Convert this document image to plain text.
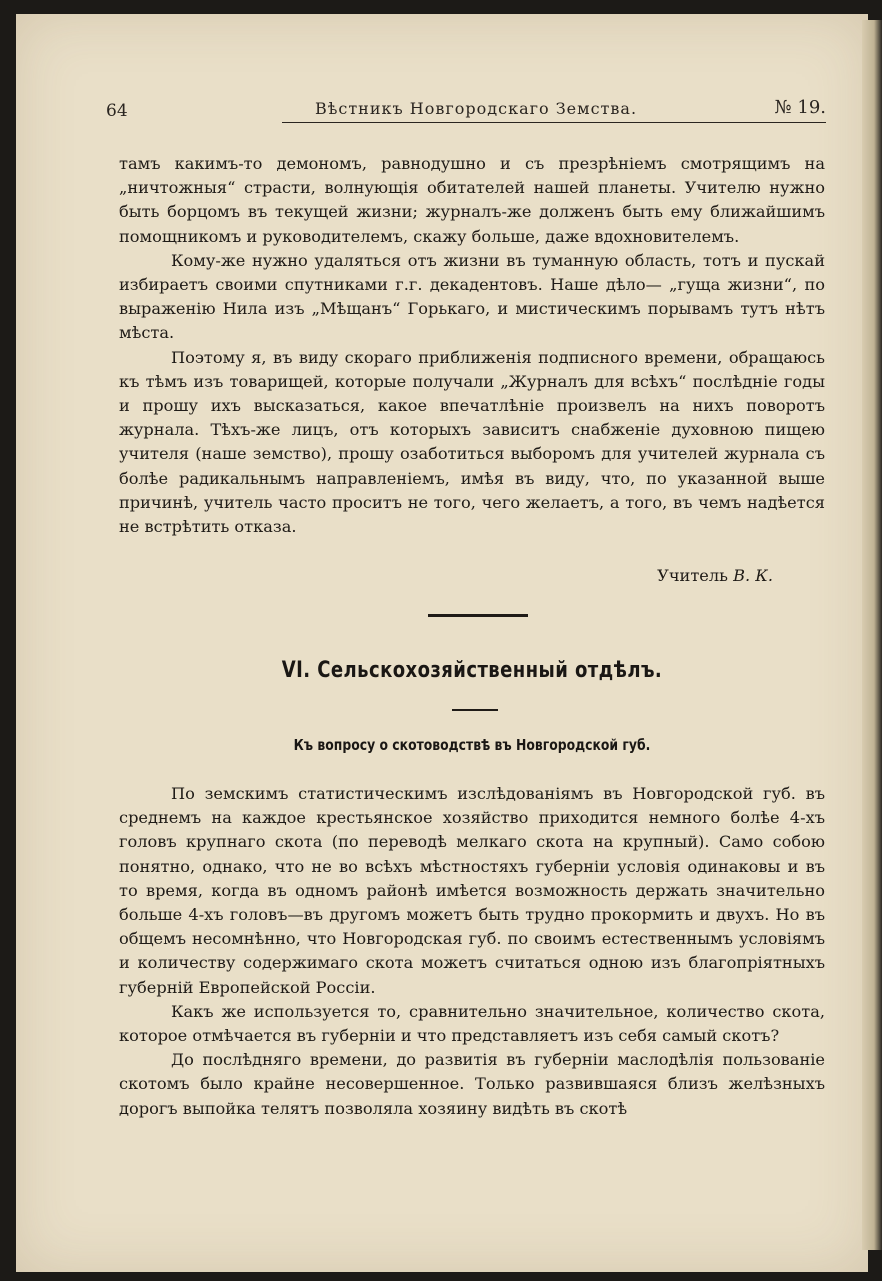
64	Вѣстникъ Новгородскаго Земства.	№ 19.

тамъ какимъ-то демономъ, равнодушно и съ презрѣніемъ смотрящимъ на „ничтожныя“ страсти, волнующія обитателей нашей планеты. Учителю нужно быть борцомъ въ текущей жизни; журналъ-же долженъ быть ему ближайшимъ помощникомъ и руководителемъ, скажу больше, даже вдохновителемъ.

Кому-же нужно удаляться отъ жизни въ туманную область, тотъ и пускай избираетъ своими спутниками г.г. декадентовъ. Наше дѣло— „гуща жизни“, по выраженію Нила изъ „Мѣщанъ“ Горькаго, и мистическимъ порывамъ тутъ нѣтъ мѣста.

Поэтому я, въ виду скораго приближенія подписного времени, обращаюсь къ тѣмъ изъ товарищей, которые получали „Журналъ для всѣхъ“ послѣдніе годы и прошу ихъ высказаться, какое впечатлѣніе произвелъ на нихъ поворотъ журнала. Тѣхъ-же лицъ, отъ которыхъ зависитъ снабженіе духовною пищею учителя (наше земство), прошу озаботиться выборомъ для учителей журнала съ болѣе радикальнымъ направленіемъ, имѣя въ виду, что, по указанной выше причинѣ, учитель часто проситъ не того, чего желаетъ, а того, въ чемъ надѣется не встрѣтить отказа.

Учитель В. К.
VI. Сельскохозяйственный отдѣлъ.
Къ вопросу о скотоводствѣ въ Новгородской губ.

По земскимъ статистическимъ изслѣдованіямъ въ Новгородской губ. въ среднемъ на каждое крестьянское хозяйство приходится немного болѣе 4-хъ головъ крупнаго скота (по переводѣ мелкаго скота на крупный). Само собою понятно, однако, что не во всѣхъ мѣстностяхъ губерніи условія одинаковы и въ то время, когда въ одномъ районѣ имѣется возможность держать значительно больше 4-хъ головъ—въ другомъ можетъ быть трудно прокормить и двухъ. Но въ общемъ несомнѣнно, что Новгородская губ. по своимъ естественнымъ условіямъ и количеству содержимаго скота можетъ считаться одною изъ благопріятныхъ губерній Европейской Россіи.

Какъ же используется то, сравнительно значительное, количество скота, которое отмѣчается въ губерніи и что представляетъ изъ себя самый скотъ?

До послѣдняго времени, до развитія въ губерніи маслодѣлія пользованіе скотомъ было крайне несовершенное. Только развившаяся близъ желѣзныхъ дорогъ выпойка телятъ позволяла хозяину видѣть въ скотѣ
